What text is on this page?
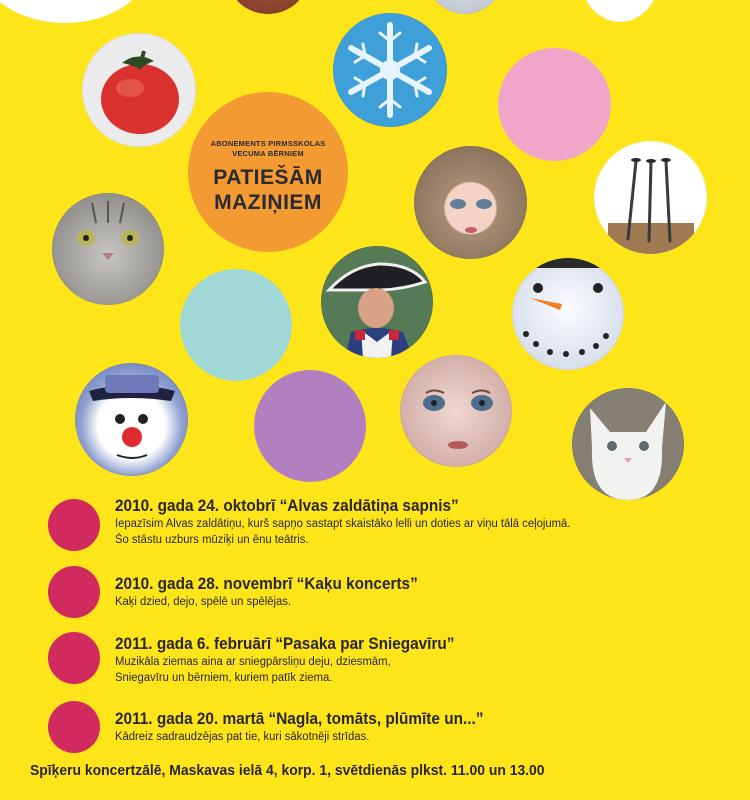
ABONEMENTS PIRMSSKOLAS
VECUMA BĒRNIEM
PATIEŠĀM
MAZIŅIEM
2010. gada 24. oktobrī “Alvas zaldātiņa sapnis”
Iepazīsim Alvas zaldātiņu, kurš sapņo sastapt skaistāko lelli un doties ar viņu tālā ceļojumā.
Šo stāstu uzburs mūziķi un ēnu teātris.
2010. gada 28. novembrī “Kaķu koncerts”
Kaķi dzied, dejo, spēlē un spēlējas.
2011. gada 6. februārī “Pasaka par Sniegavīru”
Muzikāla ziemas aina ar sniegpārsliņu deju, dziesmām,
Sniegavīru un bērniem, kuriem patīk ziema.
2011. gada 20. martā “Nagla, tomāts, plūmīte un...”
Kādreiz sadraudzējas pat tie, kuri sākotnēji strīdas.
Spīķeru koncertzālē, Maskavas ielā 4, korp. 1, svētdienās plkst. 11.00 un 13.00
